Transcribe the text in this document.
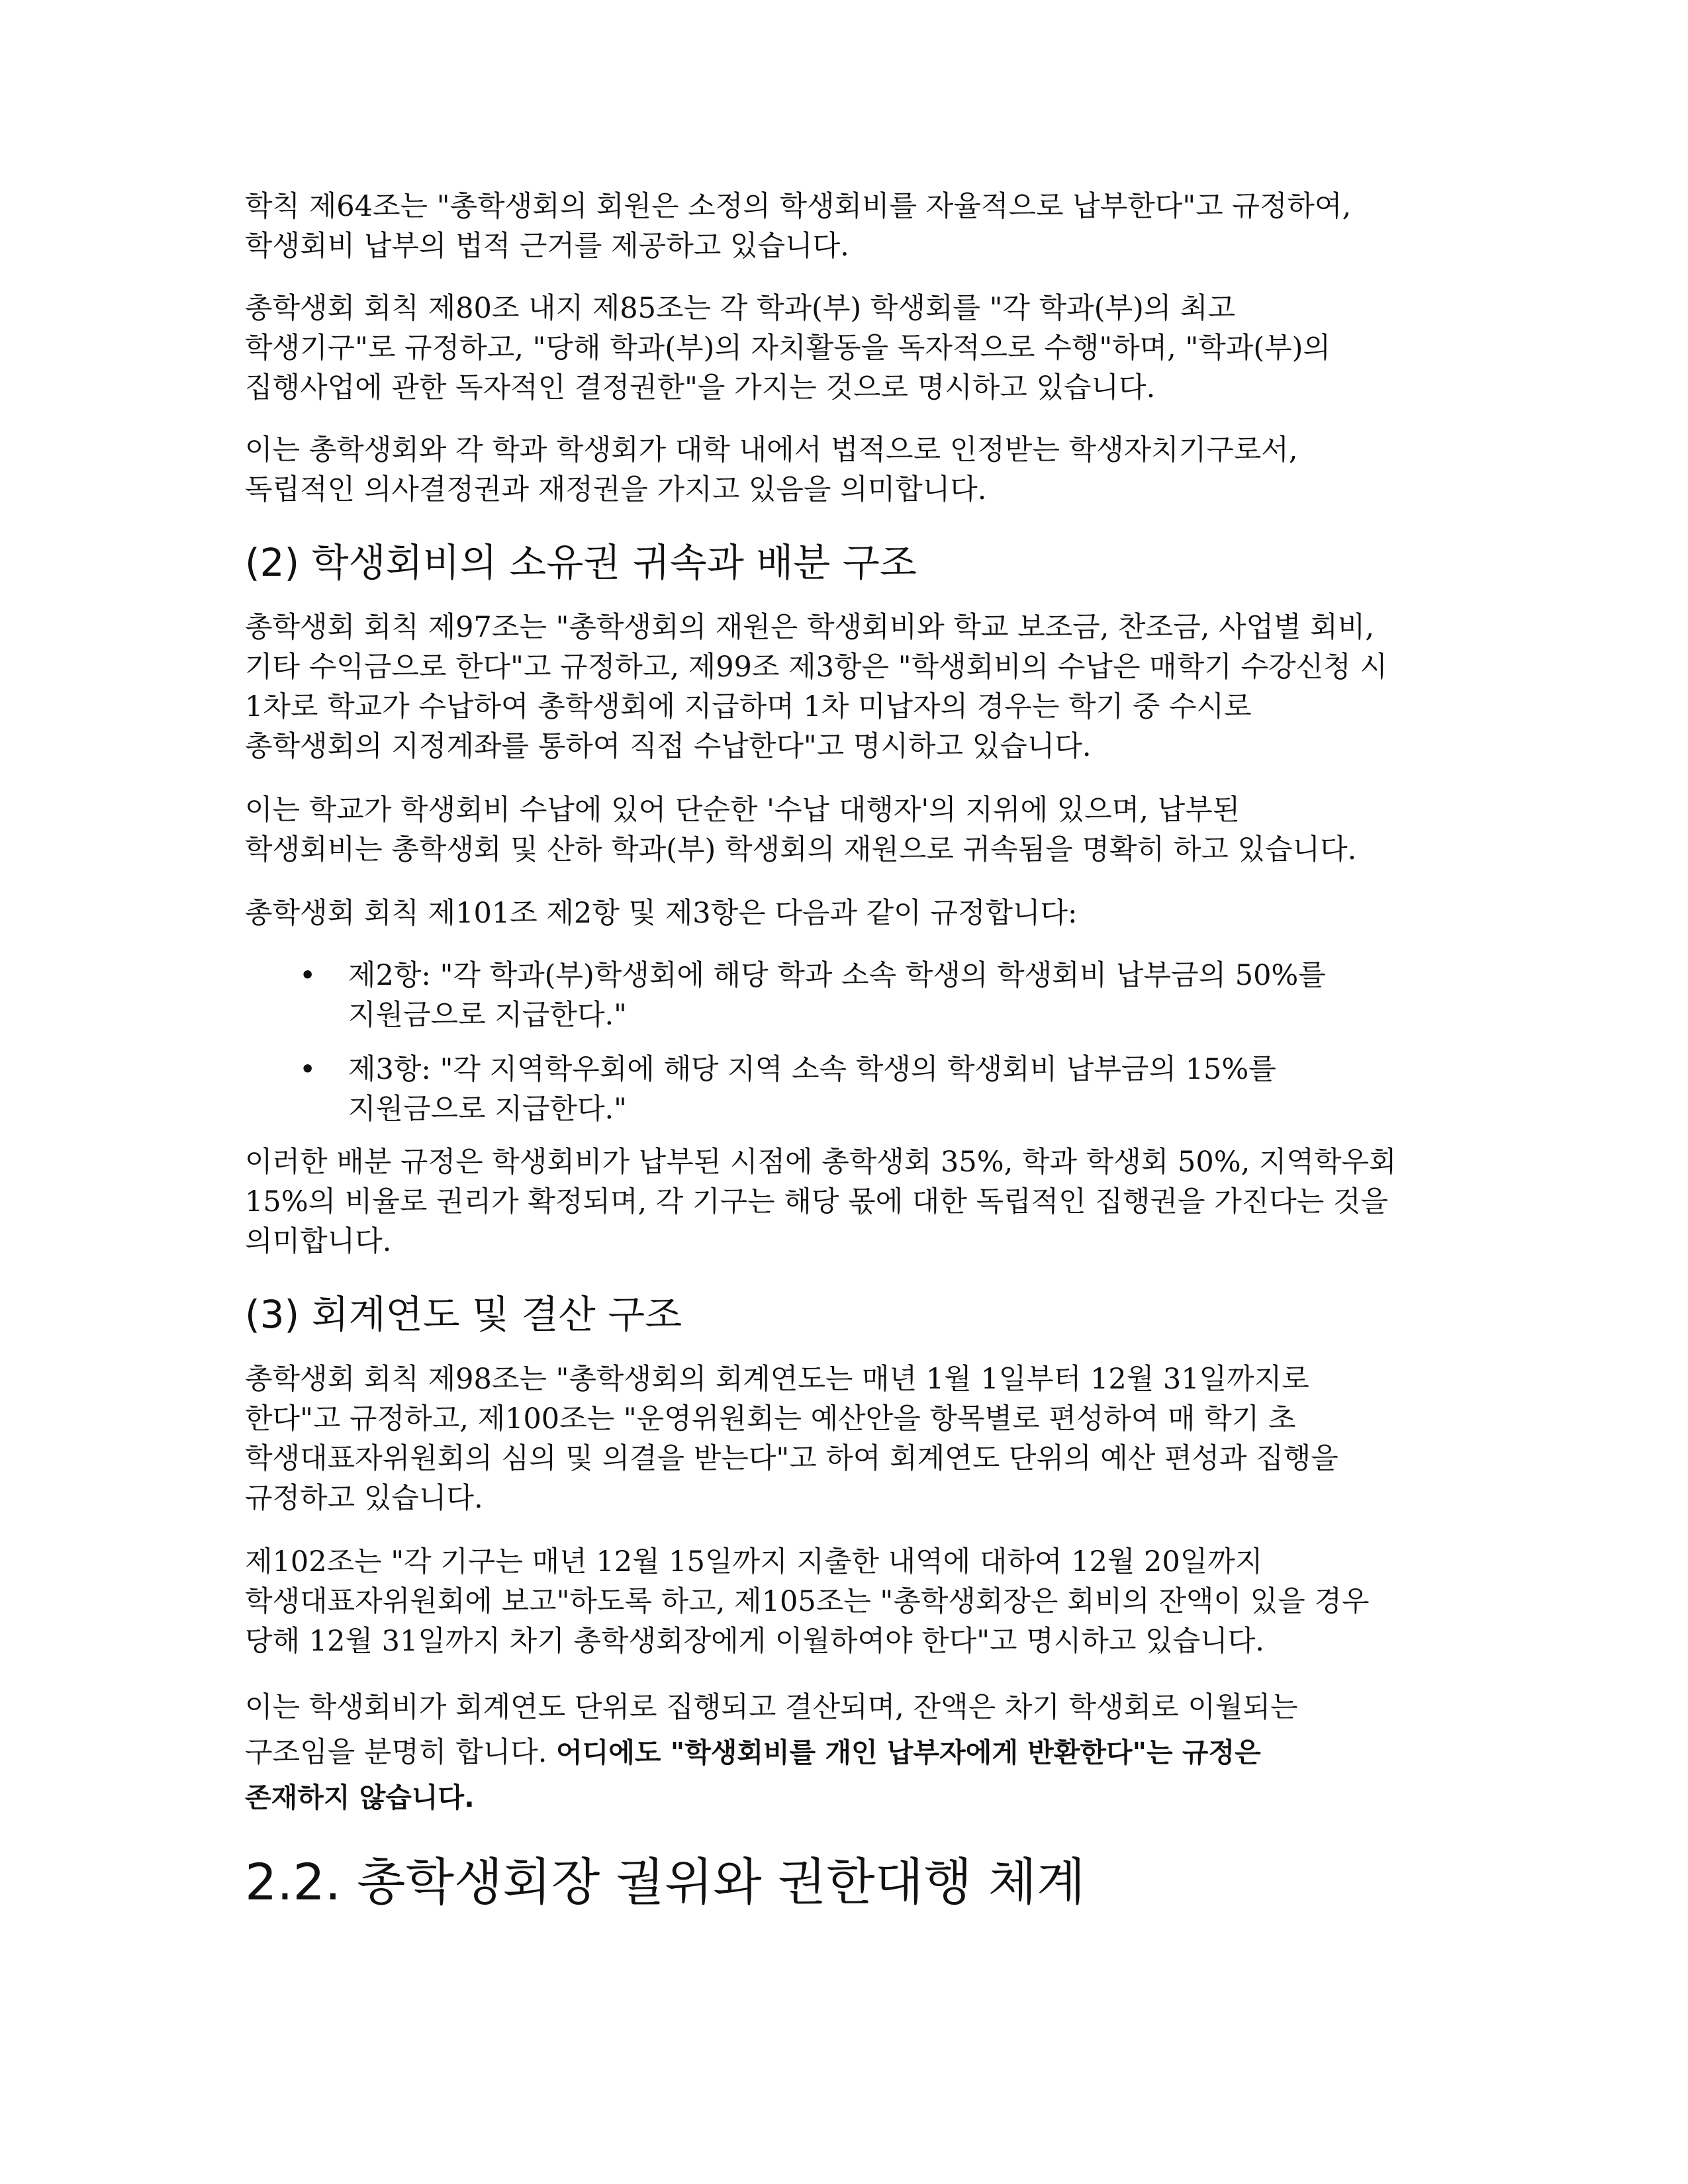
학칙 제64조는 "총학생회의 회원은 소정의 학생회비를 자율적으로 납부한다"고 규정하여,
학생회비 납부의 법적 근거를 제공하고 있습니다.

총학생회 회칙 제80조 내지 제85조는 각 학과(부) 학생회를 "각 학과(부)의 최고
학생기구"로 규정하고, "당해 학과(부)의 자치활동을 독자적으로 수행"하며, "학과(부)의
집행사업에 관한 독자적인 결정권한"을 가지는 것으로 명시하고 있습니다.

이는 총학생회와 각 학과 학생회가 대학 내에서 법적으로 인정받는 학생자치기구로서,
독립적인 의사결정권과 재정권을 가지고 있음을 의미합니다.

(2) 학생회비의 소유권 귀속과 배분 구조

총학생회 회칙 제97조는 "총학생회의 재원은 학생회비와 학교 보조금, 찬조금, 사업별 회비,
기타 수익금으로 한다"고 규정하고, 제99조 제3항은 "학생회비의 수납은 매학기 수강신청 시
1차로 학교가 수납하여 총학생회에 지급하며 1차 미납자의 경우는 학기 중 수시로
총학생회의 지정계좌를 통하여 직접 수납한다"고 명시하고 있습니다.

이는 학교가 학생회비 수납에 있어 단순한 '수납 대행자'의 지위에 있으며, 납부된
학생회비는 총학생회 및 산하 학과(부) 학생회의 재원으로 귀속됨을 명확히 하고 있습니다.

총학생회 회칙 제101조 제2항 및 제3항은 다음과 같이 규정합니다:

• 제2항: "각 학과(부)학생회에 해당 학과 소속 학생의 학생회비 납부금의 50%를
지원금으로 지급한다."
• 제3항: "각 지역학우회에 해당 지역 소속 학생의 학생회비 납부금의 15%를
지원금으로 지급한다."

이러한 배분 규정은 학생회비가 납부된 시점에 총학생회 35%, 학과 학생회 50%, 지역학우회
15%의 비율로 권리가 확정되며, 각 기구는 해당 몫에 대한 독립적인 집행권을 가진다는 것을
의미합니다.

(3) 회계연도 및 결산 구조

총학생회 회칙 제98조는 "총학생회의 회계연도는 매년 1월 1일부터 12월 31일까지로
한다"고 규정하고, 제100조는 "운영위원회는 예산안을 항목별로 편성하여 매 학기 초
학생대표자위원회의 심의 및 의결을 받는다"고 하여 회계연도 단위의 예산 편성과 집행을
규정하고 있습니다.

제102조는 "각 기구는 매년 12월 15일까지 지출한 내역에 대하여 12월 20일까지
학생대표자위원회에 보고"하도록 하고, 제105조는 "총학생회장은 회비의 잔액이 있을 경우
당해 12월 31일까지 차기 총학생회장에게 이월하여야 한다"고 명시하고 있습니다.

이는 학생회비가 회계연도 단위로 집행되고 결산되며, 잔액은 차기 학생회로 이월되는
구조임을 분명히 합니다. 어디에도 "학생회비를 개인 납부자에게 반환한다"는 규정은
존재하지 않습니다.

2.2. 총학생회장 궐위와 권한대행 체계
